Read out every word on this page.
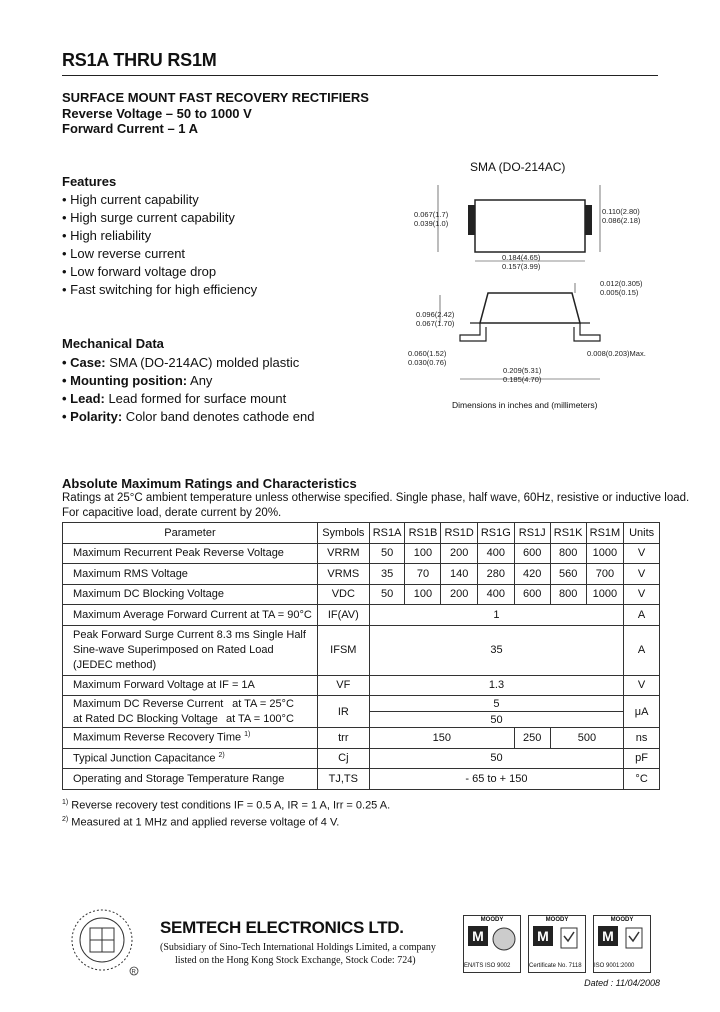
RS1A THRU RS1M
SURFACE MOUNT FAST RECOVERY RECTIFIERS
Reverse Voltage – 50 to 1000 V
Forward Current – 1 A
Features
• High current capability
• High surge current capability
• High reliability
• Low reverse current
• Low forward voltage drop
• Fast switching for high efficiency
Mechanical Data
• Case: SMA (DO-214AC) molded plastic
• Mounting position: Any
• Lead: Lead formed for surface mount
• Polarity: Color band denotes cathode end
SMA (DO-214AC)
0.067(1.7)
0.039(1.0)
0.110(2.80)
0.086(2.18)
0.184(4.65)
0.157(3.99)
0.012(0.305)
0.005(0.15)
0.096(2.42)
0.067(1.70)
0.060(1.52)
0.030(0.76)
0.008(0.203)Max.
0.209(5.31)
0.185(4.70)
Dimensions in inches and (millimeters)
Absolute Maximum Ratings and Characteristics
Ratings at 25°C ambient temperature unless otherwise specified. Single phase, half wave, 60Hz, resistive or inductive load.
For capacitive load, derate current by 20%.
Parameter	Symbols	RS1A	RS1B	RS1D	RS1G	RS1J	RS1K	RS1M	Units
Maximum Recurrent Peak Reverse Voltage	VRRM	50	100	200	400	600	800	1000	V
Maximum RMS Voltage	VRMS	35	70	140	280	420	560	700	V
Maximum DC Blocking Voltage	VDC	50	100	200	400	600	800	1000	V
Maximum Average Forward Current at TA = 90°C	IF(AV)	1							A
Peak Forward Surge Current 8.3 ms Single Half Sine-wave Superimposed on Rated Load (JEDEC method)	IFSM	35							A
Maximum Forward Voltage at IF = 1A	VF	1.3							V

Maximum DC Reverse Current at TA = 25°C
at Rated DC Blocking Voltage at TA = 100°C	IR	5							μA
		50							
Maximum Reverse Recovery Time $^{1)}$	trr	150				250	500		ns
Typical Junction Capacitance $^{2)}$	Cj	50							pF
Operating and Storage Temperature Range	TJ,TS	- 65 to + 150							°C
$^{1)}$ Reverse recovery test conditions IF = 0.5 A, IR = 1 A, Irr = 0.25 A.
$^{2)}$ Measured at 1 MHz and applied reverse voltage of 4 V.
R
SEMTECH ELECTRONICS LTD.
(Subsidiary of Sino-Tech International Holdings Limited, a company
listed on the Hong Kong Stock Exchange, Stock Code: 724)
MOODY
M
MOODY
M
MOODY
M
EN/ITS ISO 9002	Certificate No. 7118 ISO 9001:2000
Dated : 11/04/2008
